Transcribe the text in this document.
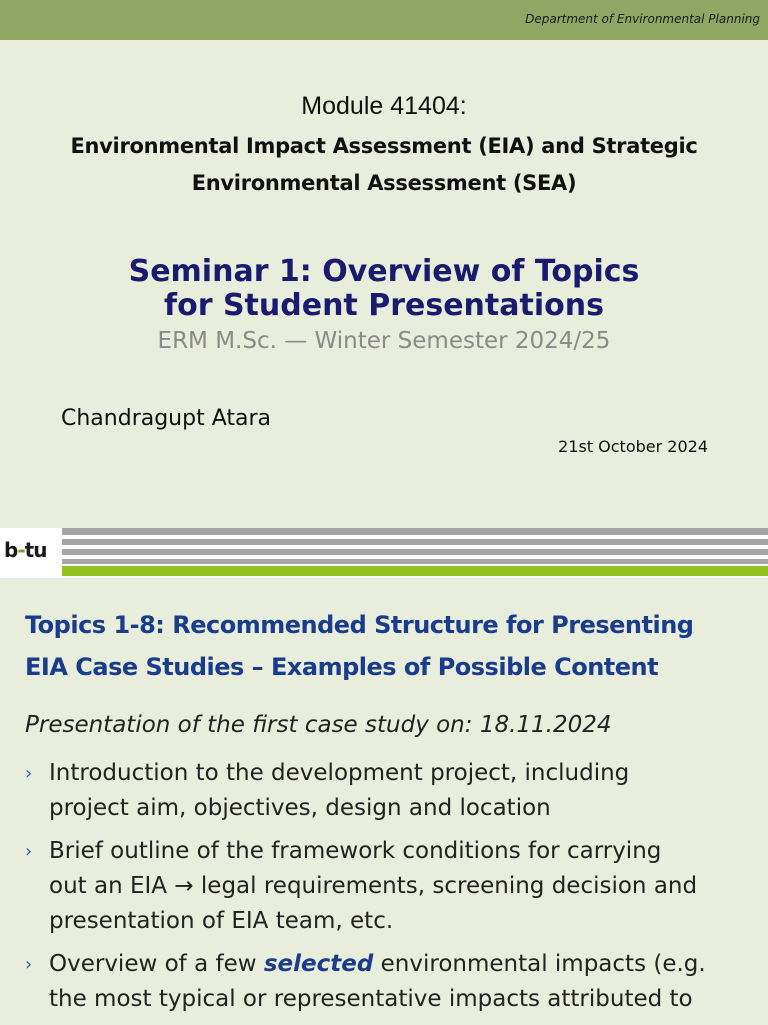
Department of Environmental Planning
Module 41404:
Environmental Impact Assessment (EIA) and Strategic
Environmental Assessment (SEA)
Seminar 1: Overview of Topics
for Student Presentations
ERM M.Sc. — Winter Semester 2024/25
Chandragupt Atara
21st October 2024
b-tu
Topics 1-8: Recommended Structure for Presenting
EIA Case Studies – Examples of Possible Content
Presentation of the first case study on: 18.11.2024
› Introduction to the development project, including
project aim, objectives, design and location
› Brief outline of the framework conditions for carrying
out an EIA → legal requirements, screening decision and
presentation of EIA team, etc.
› Overview of a few selected environmental impacts (e.g.
the most typical or representative impacts attributed to
